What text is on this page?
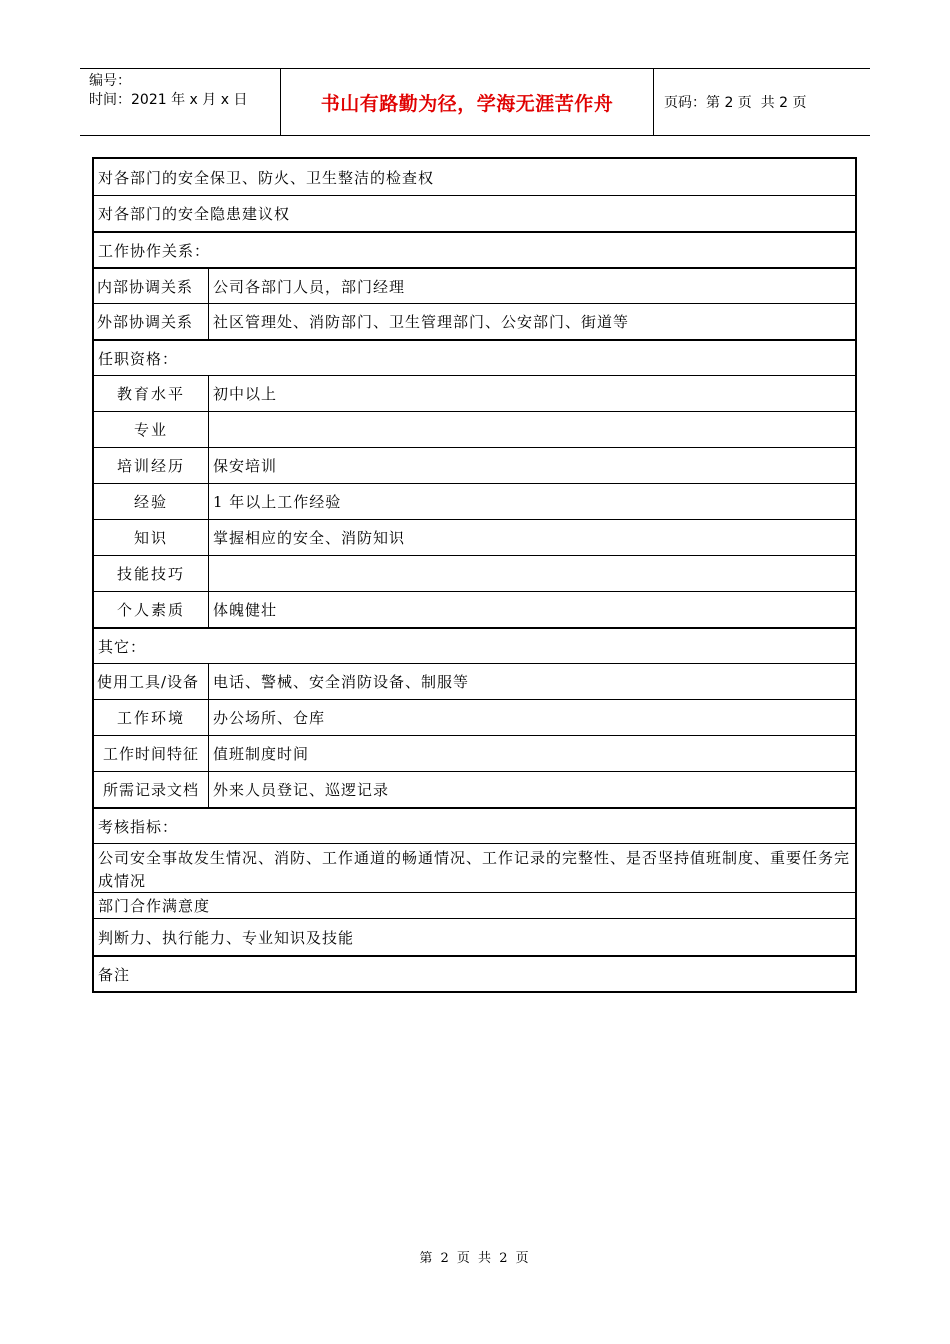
编号：
时间：2021 年 x 月 x 日	书山有路勤为径，学海无涯苦作舟	页码：第 2 页  共 2 页
对各部门的安全保卫、防火、卫生整洁的检查权
对各部门的安全隐患建议权
工作协作关系：
内部协调关系	公司各部门人员，部门经理
外部协调关系	社区管理处、消防部门、卫生管理部门、公安部门、街道等
任职资格：
教育水平	初中以上
专业
培训经历	保安培训
经验	1 年以上工作经验
知识	掌握相应的安全、消防知识
技能技巧
个人素质	体魄健壮
其它：
使用工具/设备 电话、警械、安全消防设备、制服等
工作环境	办公场所、仓库
工作时间特征 值班制度时间
所需记录文档 外来人员登记、巡逻记录
考核指标：
公司安全事故发生情况、消防、工作通道的畅通情况、工作记录的完整性、是否坚持值班制度、重要任务完成情况
部门合作满意度
判断力、执行能力、专业知识及技能
备注
第 2 页 共 2 页
